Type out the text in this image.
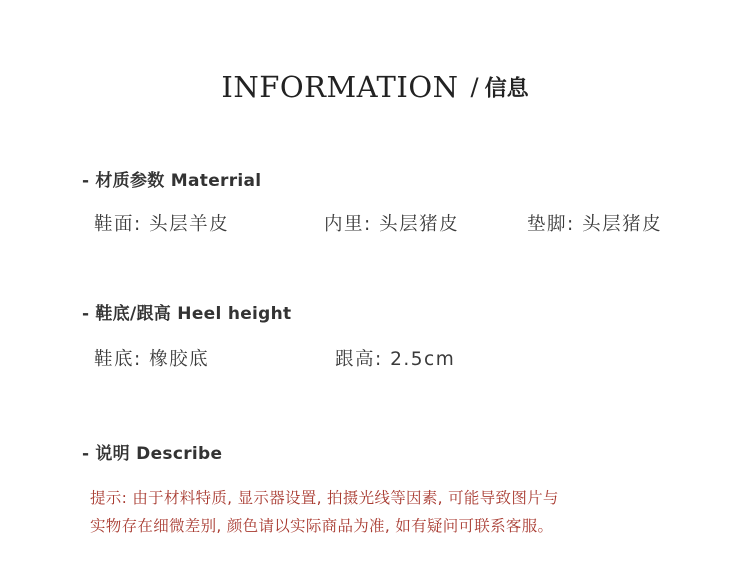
INFORMATION / 信息
- 材质参数 Materrial
鞋面: 头层羊皮	内里: 头层猪皮	垫脚: 头层猪皮
- 鞋底/跟高 Heel height
鞋底: 橡胶底	跟高: 2.5cm
- 说明 Describe
提示: 由于材料特质, 显示器设置, 拍摄光线等因素, 可能导致图片与
实物存在细微差别, 颜色请以实际商品为准, 如有疑问可联系客服。
